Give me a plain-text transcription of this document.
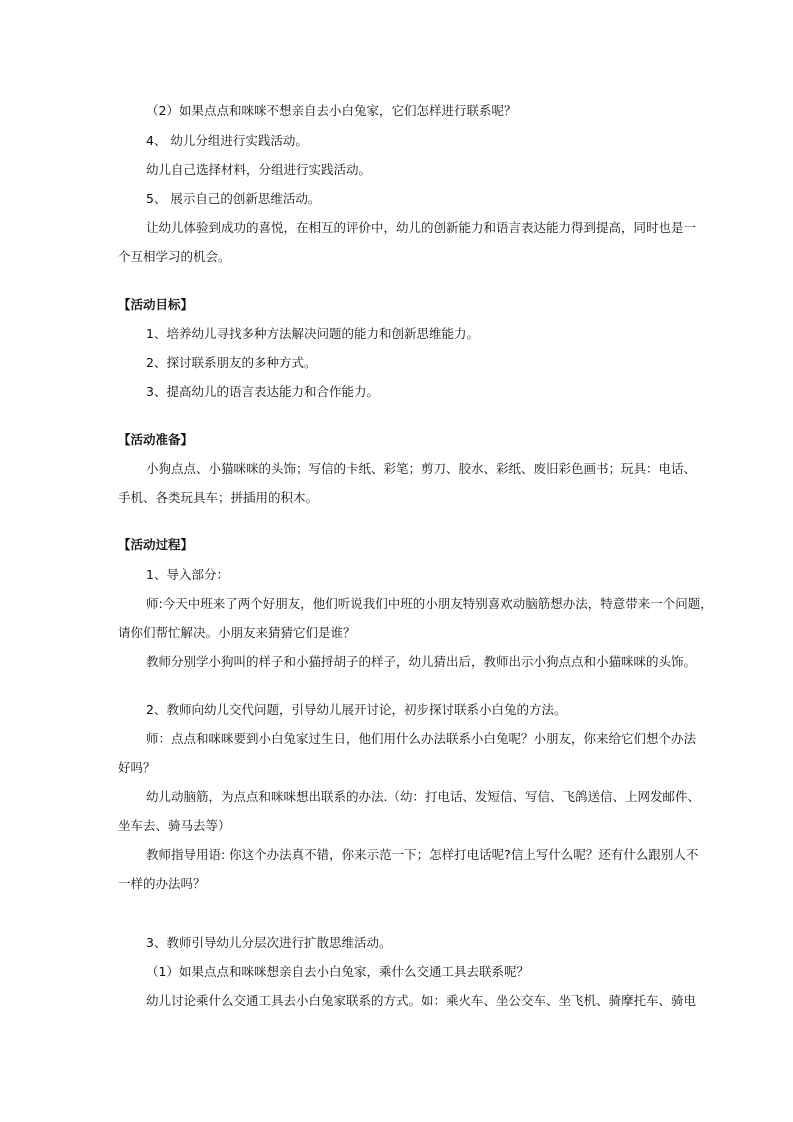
（2）如果点点和咪咪不想亲自去小白兔家，它们怎样进行联系呢？
4、 幼儿分组进行实践活动。
幼儿自己选择材料，分组进行实践活动。
5、 展示自己的创新思维活动。
让幼儿体验到成功的喜悦，在相互的评价中，幼儿的创新能力和语言表达能力得到提高，同时也是一
个互相学习的机会。
【活动目标】
1、培养幼儿寻找多种方法解决问题的能力和创新思维能力。
2、探讨联系朋友的多种方式。
3、提高幼儿的语言表达能力和合作能力。
【活动准备】
小狗点点、小猫咪咪的头饰；写信的卡纸、彩笔；剪刀、胶水、彩纸、废旧彩色画书；玩具：电话、
手机、各类玩具车；拼插用的积木。
【活动过程】
1、导入部分：
师:今天中班来了两个好朋友，他们听说我们中班的小朋友特别喜欢动脑筋想办法，特意带来一个问题，
请你们帮忙解决。小朋友来猜猜它们是谁？
教师分别学小狗叫的样子和小猫捋胡子的样子，幼儿猜出后，教师出示小狗点点和小猫咪咪的头饰。
2、教师向幼儿交代问题，引导幼儿展开讨论，初步探讨联系小白兔的方法。
师：点点和咪咪要到小白兔家过生日，他们用什么办法联系小白兔呢？小朋友，你来给它们想个办法
好吗？
幼儿动脑筋，为点点和咪咪想出联系的办法.（幼：打电话、发短信、写信、飞鸽送信、上网发邮件、
坐车去、骑马去等）
教师指导用语: 你这个办法真不错，你来示范一下；怎样打电话呢?信上写什么呢？还有什么跟别人不
一样的办法吗？
3、教师引导幼儿分层次进行扩散思维活动。
（1）如果点点和咪咪想亲自去小白兔家，乘什么交通工具去联系呢？
幼儿讨论乘什么交通工具去小白兔家联系的方式。如：乘火车、坐公交车、坐飞机、骑摩托车、骑电
